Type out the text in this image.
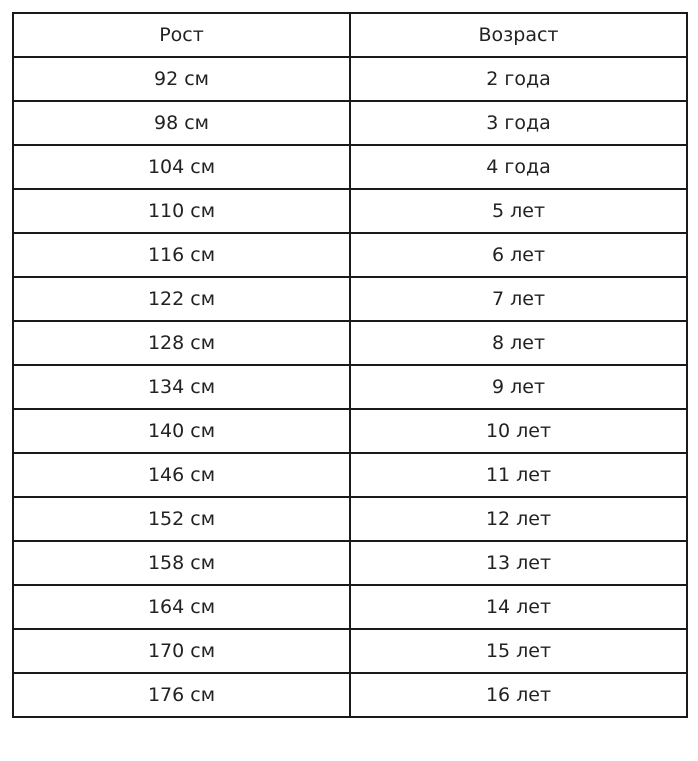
Рост	Возраст
92 см	2 года
98 см	3 года
104 см	4 года
110 см	5 лет
116 см	6 лет
122 см	7 лет
128 см	8 лет
134 см	9 лет
140 см	10 лет
146 см	11 лет
152 см	12 лет
158 см	13 лет
164 см	14 лет
170 см	15 лет
176 см	16 лет
